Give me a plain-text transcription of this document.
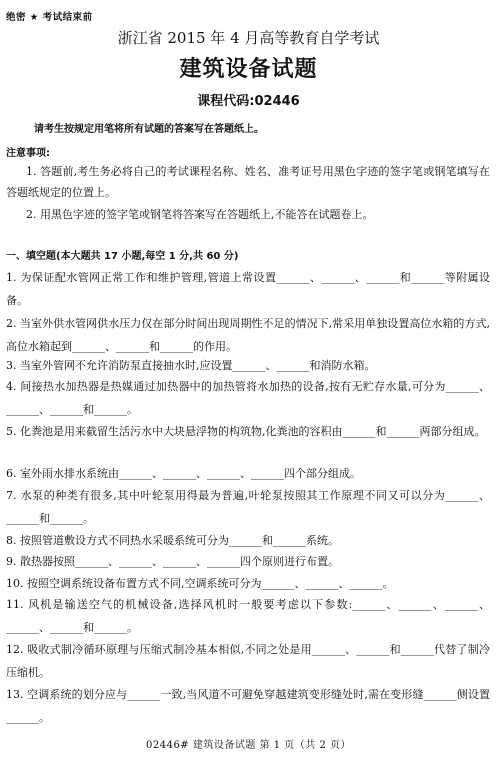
绝密 ★ 考试结束前
浙江省 2015 年 4 月高等教育自学考试
建筑设备试题
课程代码:02446
请考生按规定用笔将所有试题的答案写在答题纸上。
注意事项:
1. 答题前,考生务必将自己的考试课程名称、姓名、准考证号用黑色字迹的签字笔或钢笔填写在答题纸规定的位置上。
2. 用黑色字迹的签字笔或钢笔将答案写在答题纸上,不能答在试题卷上。
一、填空题(本大题共 17 小题,每空 1 分,共 60 分)
1. 为保证配水管网正常工作和维护管理,管道上常设置______、______、______和______等附属设备。
2. 当室外供水管网供水压力仅在部分时间出现周期性不足的情况下,常采用单独设置高位水箱的方式,高位水箱起到______、______和______的作用。
3. 当室外管网不允许消防泵直接抽水时,应设置______、______和消防水箱。
4. 间接热水加热器是热媒通过加热器中的加热管将水加热的设备,按有无贮存水量,可分为______、______、______和______。
5. 化粪池是用来截留生活污水中大块悬浮物的构筑物,化粪池的容积由______和______两部分组成。
6. 室外雨水排水系统由______、______、______、______四个部分组成。
7. 水泵的种类有很多,其中叶轮泵用得最为普遍,叶轮泵按照其工作原理不同又可以分为______、______和______。
8. 按照管道敷设方式不同热水采暖系统可分为______和______系统。
9. 散热器按照______、______、______、______四个原则进行布置。
10. 按照空调系统设备布置方式不同,空调系统可分为______、______、______。
11. 风机是输送空气的机械设备,选择风机时一般要考虑以下参数:______、______、______、______、______和______。
12. 吸收式制冷循环原理与压缩式制冷基本相似,不同之处是用______、______和______代替了制冷压缩机。
13. 空调系统的划分应与______一致,当风道不可避免穿越建筑变形缝处时,需在变形缝______侧设置______。
02446# 建筑设备试题 第 1 页（共 2 页）
